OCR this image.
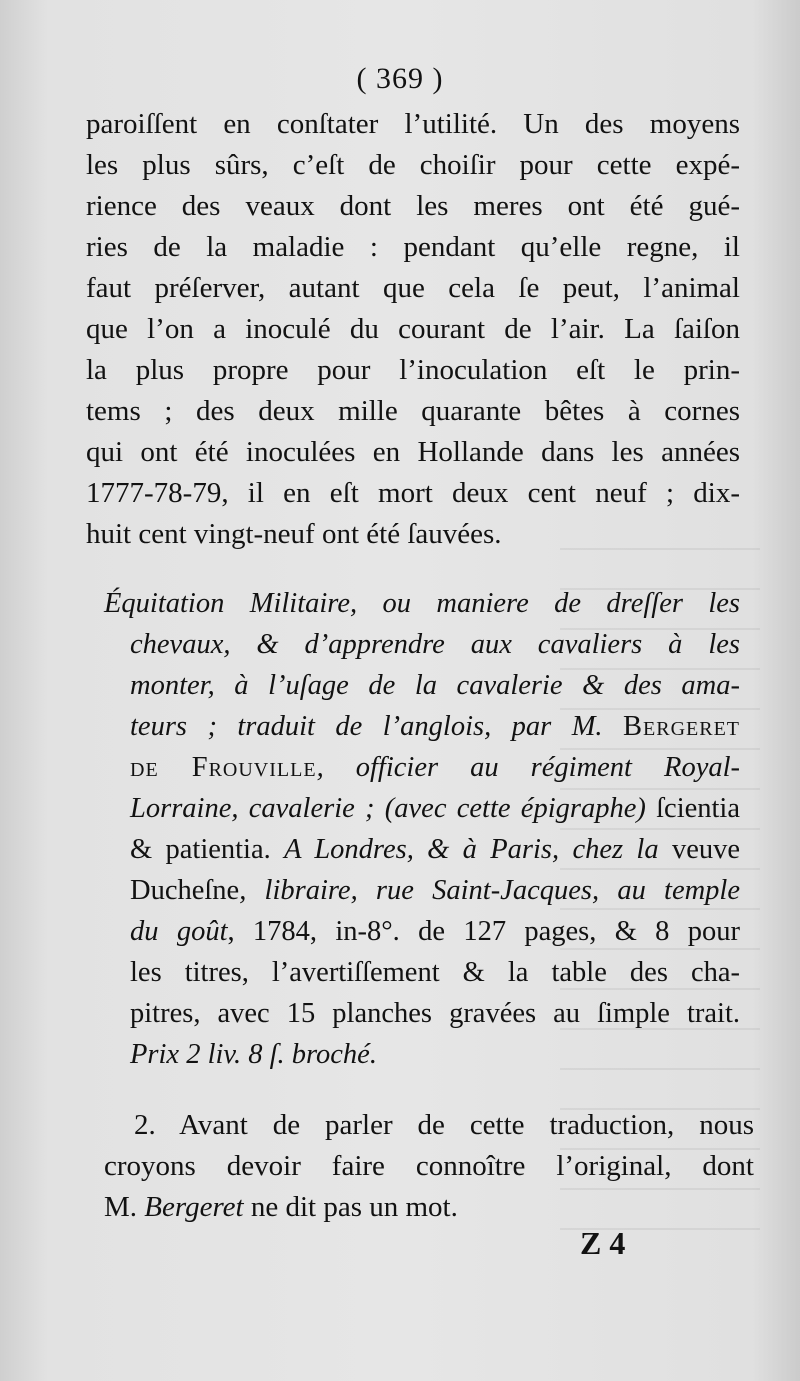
( 369 )
paroiſſent en conſtater l’utilité. Un des moyens
les plus sûrs, c’eſt de choiſir pour cette expé-
rience des veaux dont les meres ont été gué-
ries de la maladie : pendant qu’elle regne, il
faut préſerver, autant que cela ſe peut, l’animal
que l’on a inoculé du courant de l’air. La ſaiſon
la plus propre pour l’inoculation eſt le prin-
tems ; des deux mille quarante bêtes à cornes
qui ont été inoculées en Hollande dans les années
1777-78-79, il en eſt mort deux cent neuf ; dix-
huit cent vingt-neuf ont été ſauvées.
Équitation Militaire, ou maniere de dreſſer les
chevaux, & d’apprendre aux cavaliers à les
monter, à l’uſage de la cavalerie & des ama-
teurs ; traduit de l’anglois, par M. Bergeret
de Frouville, officier au régiment Royal-
Lorraine, cavalerie ; (avec cette épigraphe) ſcientia
& patientia. A Londres, & à Paris, chez la veuve
Ducheſne, libraire, rue Saint-Jacques, au temple
du goût, 1784, in-8°. de 127 pages, & 8 pour
les titres, l’avertiſſement & la table des cha-
pitres, avec 15 planches gravées au ſimple trait.
Prix 2 liv. 8 ſ. broché.
2. Avant de parler de cette traduction, nous
croyons devoir faire connoître l’original, dont
M. Bergeret ne dit pas un mot.
Z 4
